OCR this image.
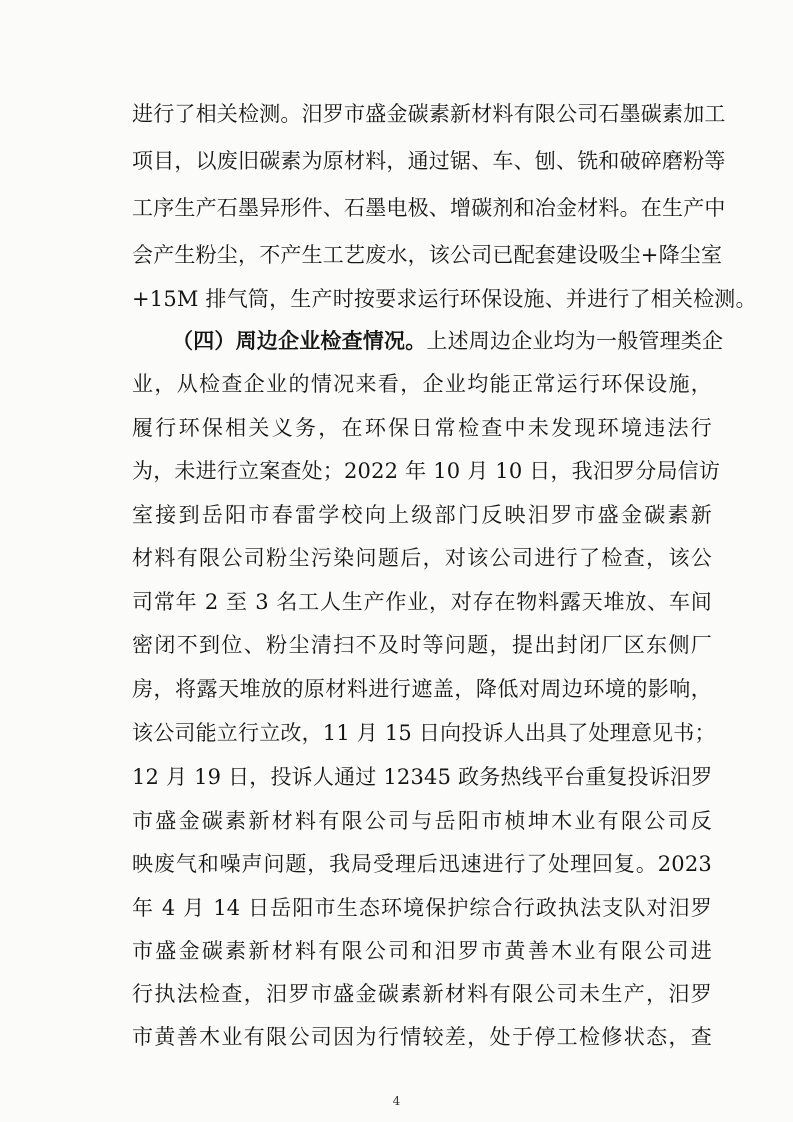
进行了相关检测。汨罗市盛金碳素新材料有限公司石墨碳素加工
项目，以废旧碳素为原材料，通过锯、车、刨、铣和破碎磨粉等
工序生产石墨异形件、石墨电极、增碳剂和冶金材料。在生产中
会产生粉尘，不产生工艺废水，该公司已配套建设吸尘+降尘室
+15M 排气筒，生产时按要求运行环保设施、并进行了相关检测。
（四）周边企业检查情况。上述周边企业均为一般管理类企
业，从检查企业的情况来看，企业均能正常运行环保设施，
履行环保相关义务，在环保日常检查中未发现环境违法行
为，未进行立案查处；2022 年 10 月 10 日，我汨罗分局信访
室接到岳阳市春雷学校向上级部门反映汨罗市盛金碳素新
材料有限公司粉尘污染问题后，对该公司进行了检查，该公
司常年 2 至 3 名工人生产作业，对存在物料露天堆放、车间
密闭不到位、粉尘清扫不及时等问题，提出封闭厂区东侧厂
房，将露天堆放的原材料进行遮盖，降低对周边环境的影响，
该公司能立行立改，11 月 15 日向投诉人出具了处理意见书；
12 月 19 日，投诉人通过 12345 政务热线平台重复投诉汨罗
市盛金碳素新材料有限公司与岳阳市桢坤木业有限公司反
映废气和噪声问题，我局受理后迅速进行了处理回复。2023
年 4 月 14 日岳阳市生态环境保护综合行政执法支队对汨罗
市盛金碳素新材料有限公司和汨罗市黄善木业有限公司进
行执法检查，汨罗市盛金碳素新材料有限公司未生产，汨罗
市黄善木业有限公司因为行情较差，处于停工检修状态，查
4
